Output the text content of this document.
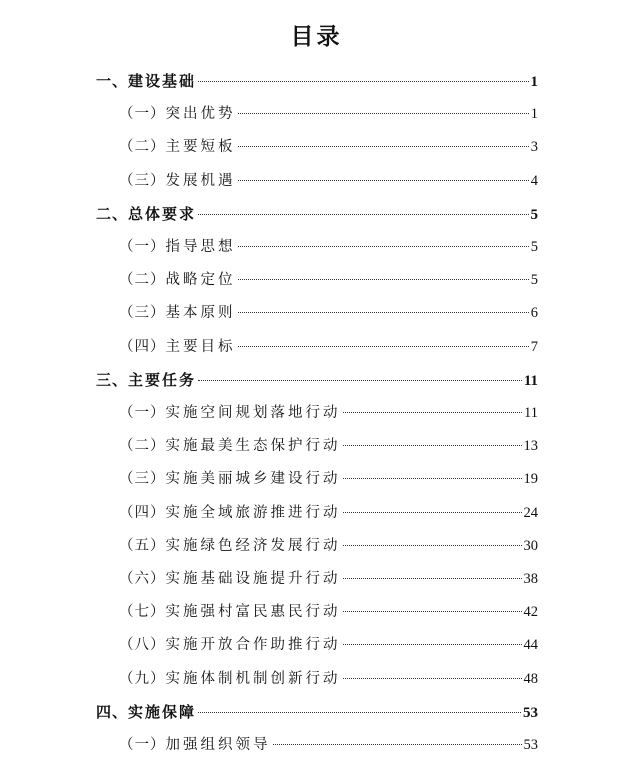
目录
一、 建设基础	1
（一） 突出优势	1
（二） 主要短板	3
（三） 发展机遇	4
二、 总体要求	5
（一） 指导思想	5
（二） 战略定位	5
（三） 基本原则	6
（四） 主要目标	7
三、 主要任务	11
（一） 实施空间规划落地行动	11
（二） 实施最美生态保护行动	13
（三） 实施美丽城乡建设行动	19
（四） 实施全域旅游推进行动	24
（五） 实施绿色经济发展行动	30
（六） 实施基础设施提升行动	38
（七） 实施强村富民惠民行动	42
（八） 实施开放合作助推行动	44
（九） 实施体制机制创新行动	48
四、 实施保障	53
（一） 加强组织领导	53
